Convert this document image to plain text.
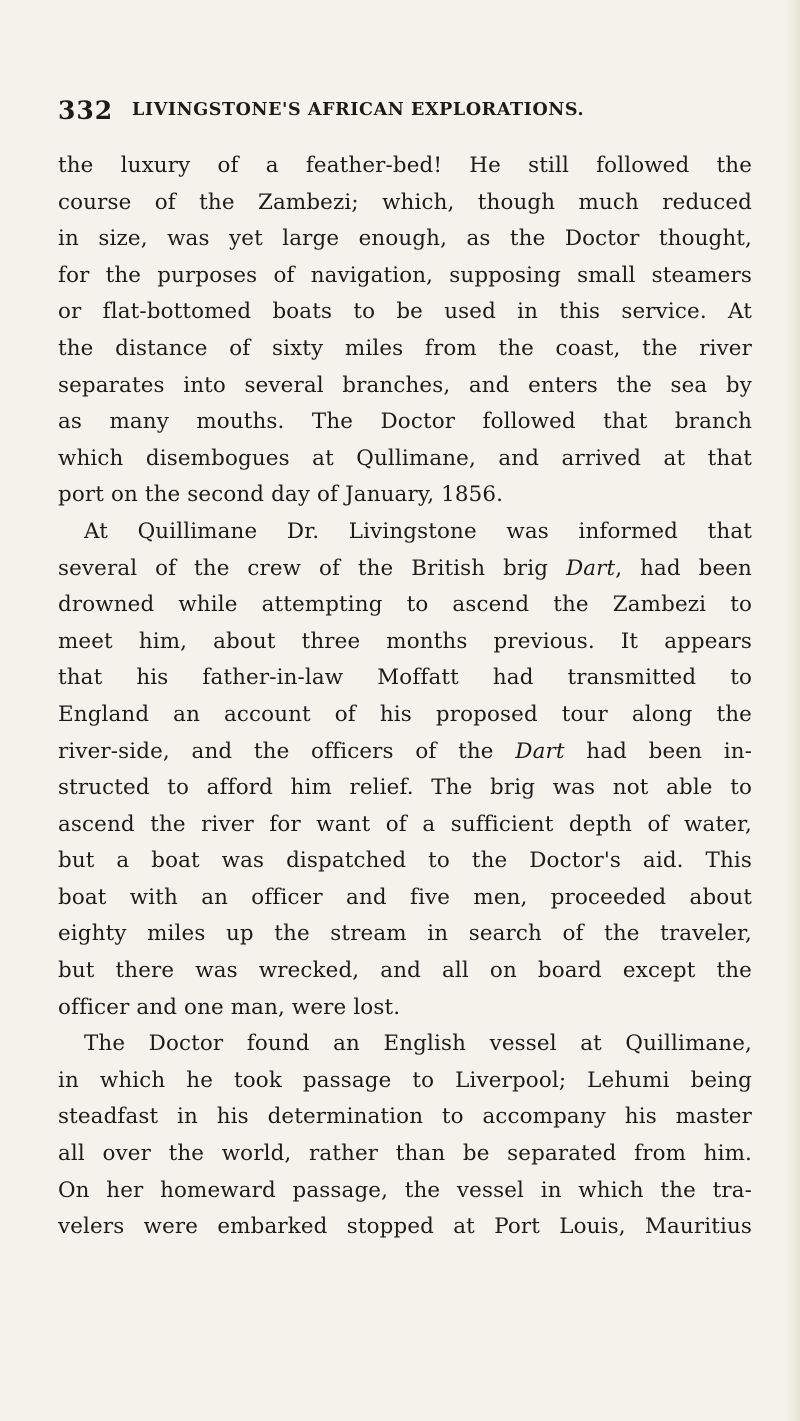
332 LIVINGSTONE'S AFRICAN EXPLORATIONS.
the luxury of a feather-bed! He still followed the
course of the Zambezi; which, though much reduced
in size, was yet large enough, as the Doctor thought,
for the purposes of navigation, supposing small steamers
or flat-bottomed boats to be used in this service. At
the distance of sixty miles from the coast, the river
separates into several branches, and enters the sea by
as many mouths. The Doctor followed that branch
which disembogues at Qullimane, and arrived at that
port on the second day of January, 1856.
At Quillimane Dr. Livingstone was informed that
several of the crew of the British brig Dart, had been
drowned while attempting to ascend the Zambezi to
meet him, about three months previous. It appears
that his father-in-law Moffatt had transmitted to
England an account of his proposed tour along the
river-side, and the officers of the Dart had been in-
structed to afford him relief. The brig was not able to
ascend the river for want of a sufficient depth of water,
but a boat was dispatched to the Doctor's aid. This
boat with an officer and five men, proceeded about
eighty miles up the stream in search of the traveler,
but there was wrecked, and all on board except the
officer and one man, were lost.
The Doctor found an English vessel at Quillimane,
in which he took passage to Liverpool; Lehumi being
steadfast in his determination to accompany his master
all over the world, rather than be separated from him.
On her homeward passage, the vessel in which the tra-
velers were embarked stopped at Port Louis, Mauritius
